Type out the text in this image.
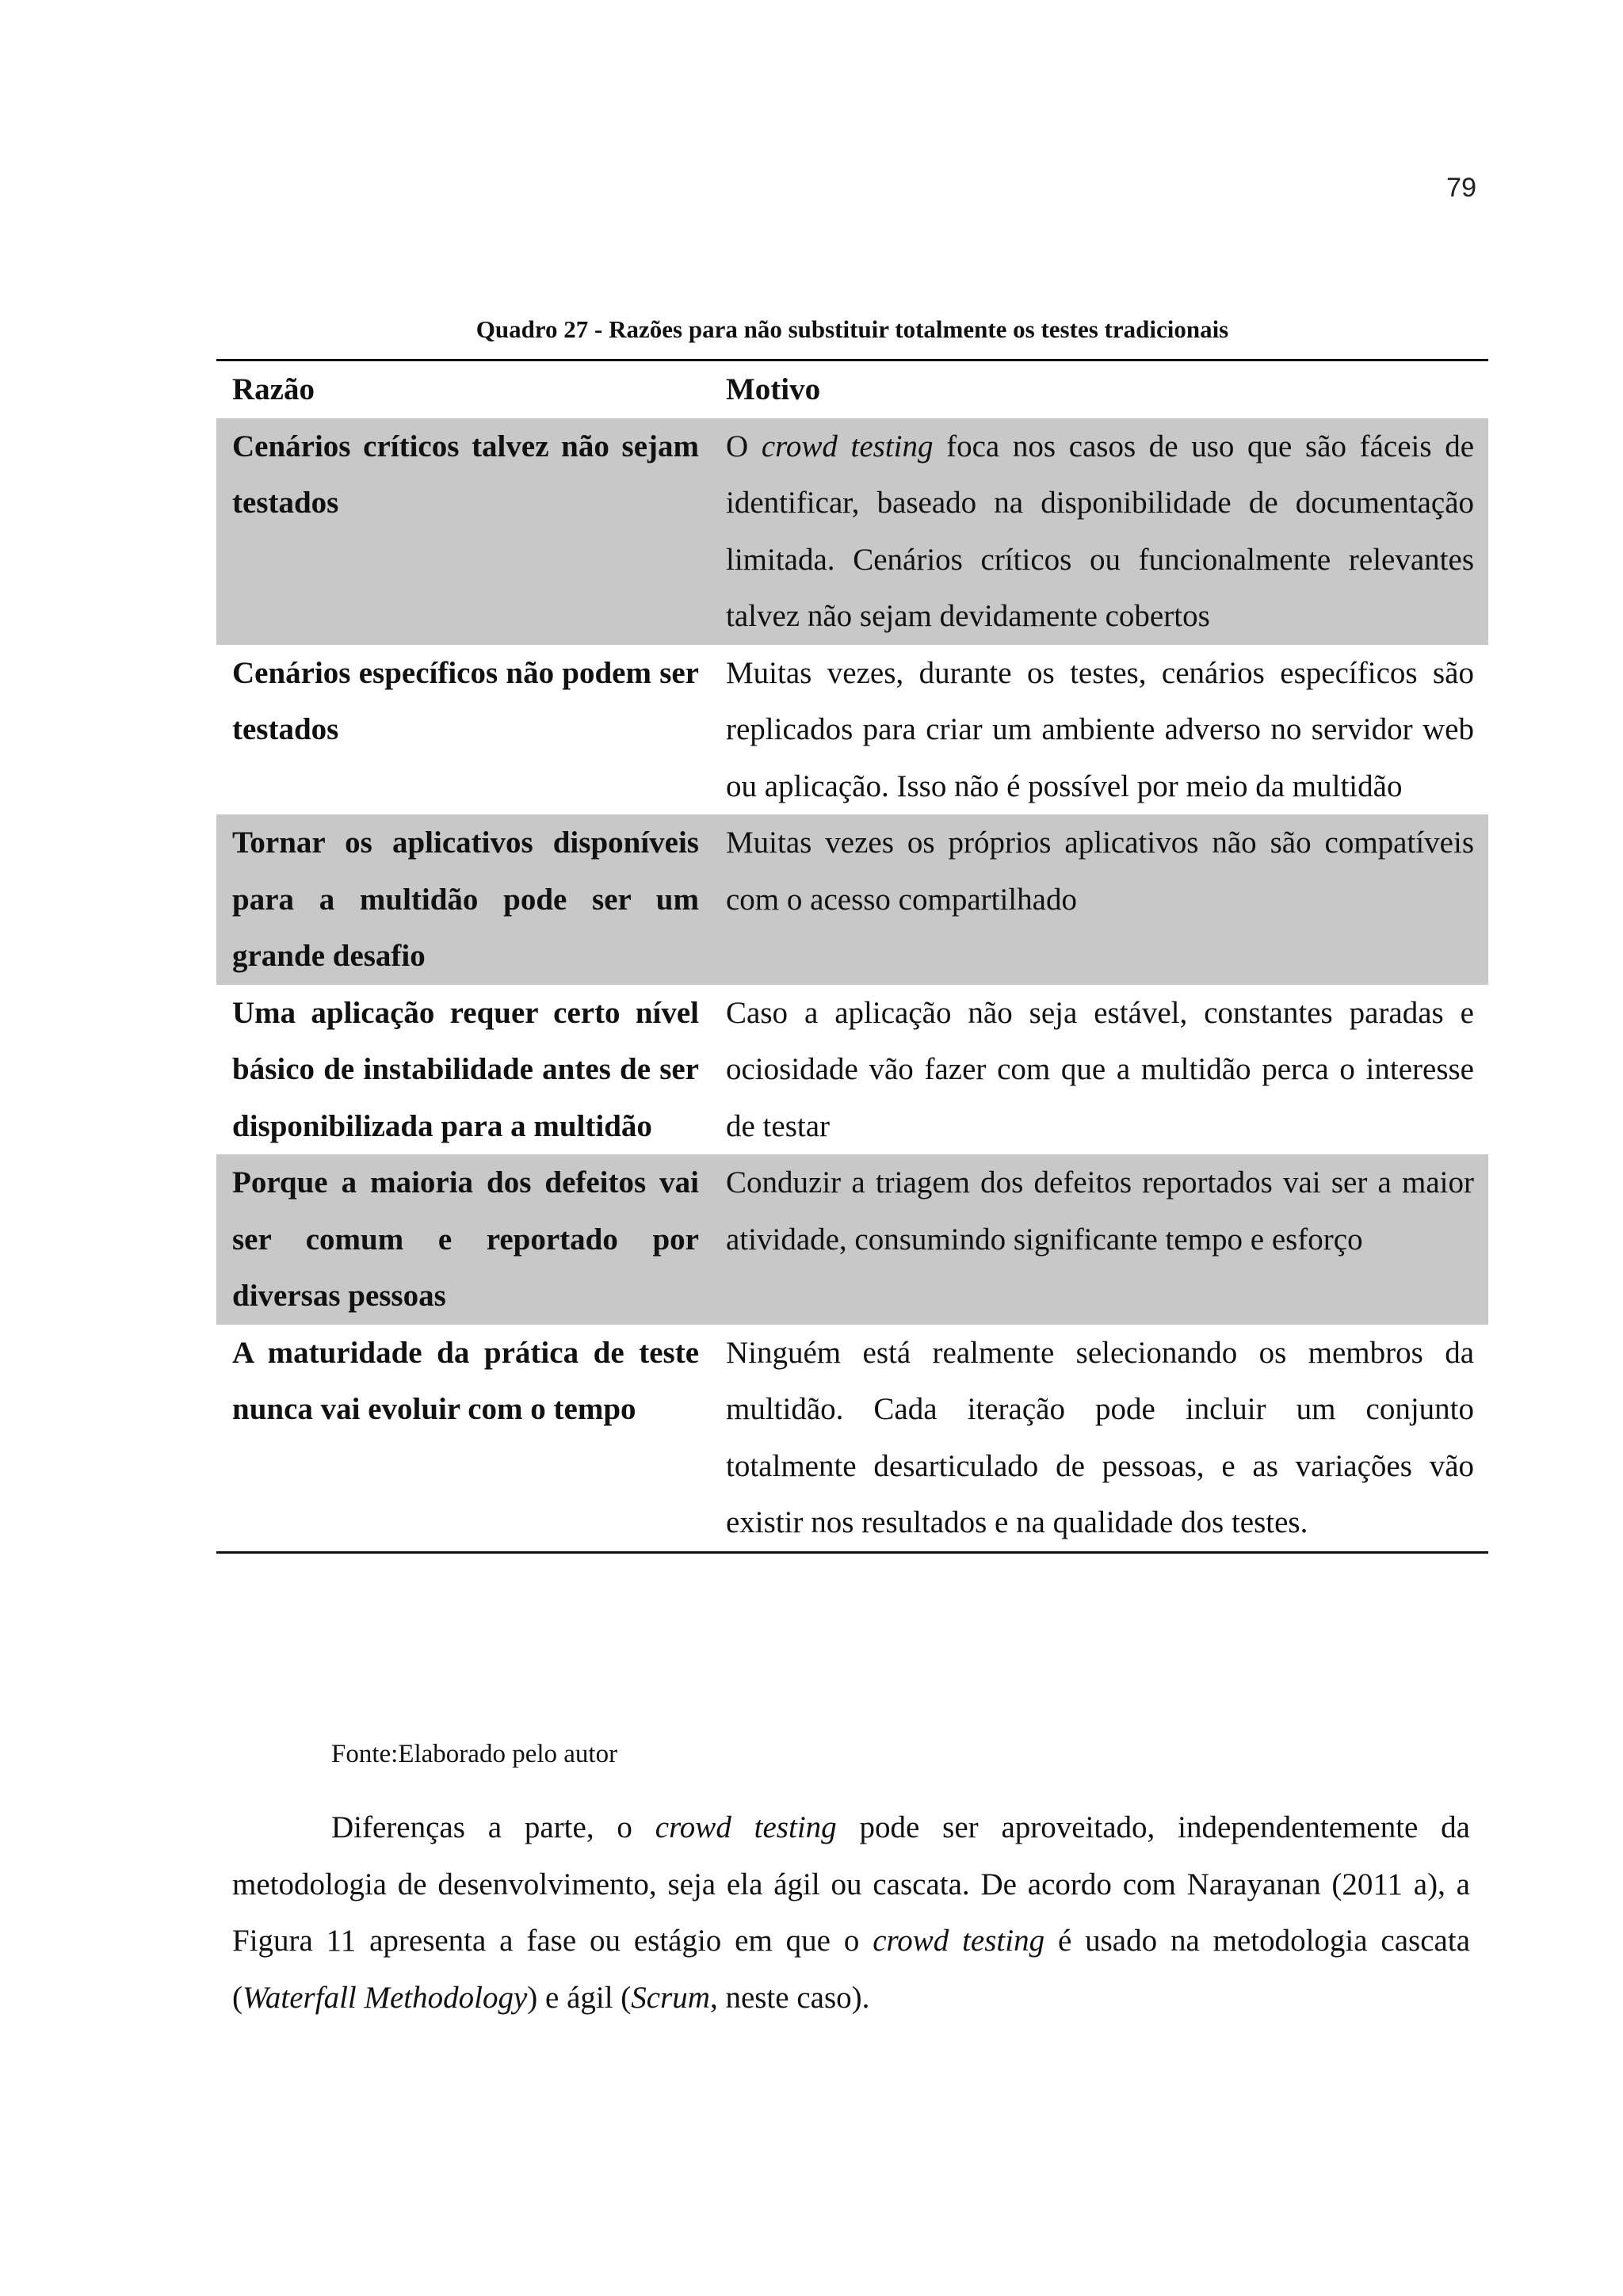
79
Quadro 27 - Razões para não substituir totalmente os testes tradicionais
Razão	Motivo
Cenários críticos talvez não sejam testados	O crowd testing foca nos casos de uso que são fáceis de identificar, baseado na disponibilidade de documentação limitada. Cenários críticos ou funcionalmente relevantes talvez não sejam devidamente cobertos
Cenários específicos não podem ser testados	Muitas vezes, durante os testes, cenários específicos são replicados para criar um ambiente adverso no servidor web ou aplicação. Isso não é possível por meio da multidão
Tornar os aplicativos disponíveis para a multidão pode ser um grande desafio	Muitas vezes os próprios aplicativos não são compatíveis com o acesso compartilhado
Uma aplicação requer certo nível básico de instabilidade antes de ser disponibilizada para a multidão	Caso a aplicação não seja estável, constantes paradas e ociosidade vão fazer com que a multidão perca o interesse de testar
Porque a maioria dos defeitos vai ser comum e reportado por diversas pessoas	Conduzir a triagem dos defeitos reportados vai ser a maior atividade, consumindo significante tempo e esforço
A maturidade da prática de teste nunca vai evoluir com o tempo	Ninguém está realmente selecionando os membros da multidão. Cada iteração pode incluir um conjunto totalmente desarticulado de pessoas, e as variações vão existir nos resultados e na qualidade dos testes.
Fonte:Elaborado pelo autor

Diferenças a parte, o crowd testing pode ser aproveitado, independentemente da metodologia de desenvolvimento, seja ela ágil ou cascata. De acordo com Narayanan (2011 a), a Figura 11 apresenta a fase ou estágio em que o crowd testing é usado na metodologia cascata (Waterfall Methodology) e ágil (Scrum, neste caso).
